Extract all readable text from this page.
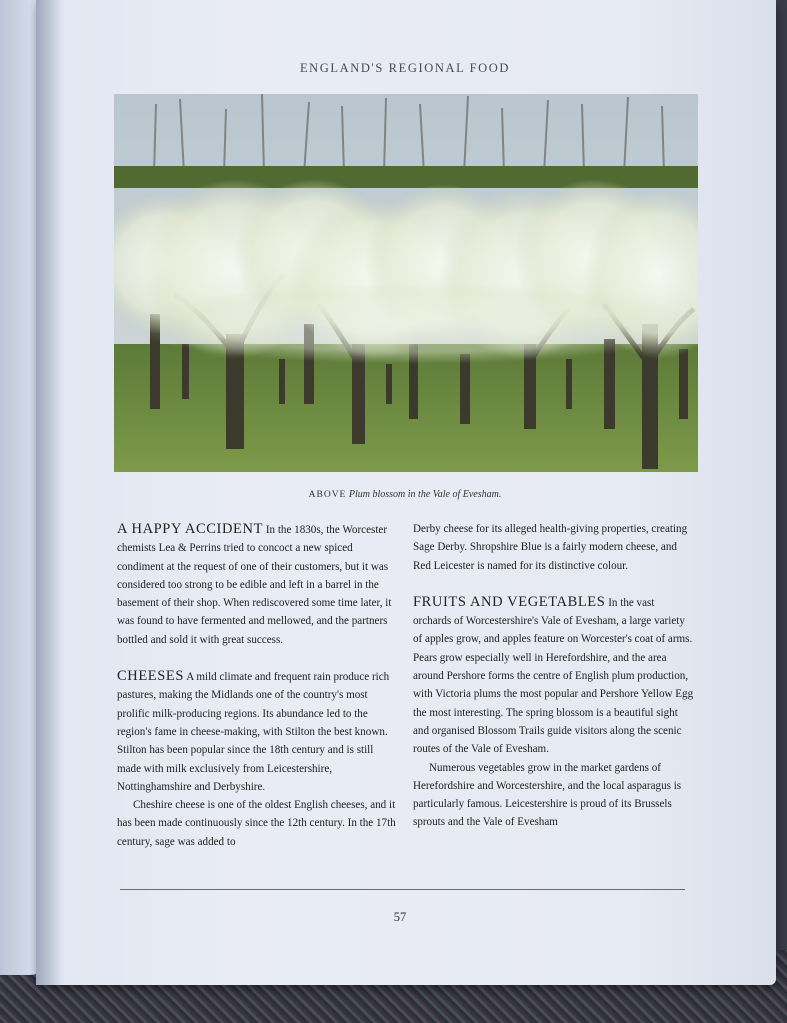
ENGLAND'S REGIONAL FOOD
ABOVE Plum blossom in the Vale of Evesham.

A HAPPY ACCIDENT In the 1830s, the Worcester chemists Lea & Perrins tried to concoct a new spiced condiment at the request of one of their customers, but it was considered too strong to be edible and left in a barrel in the basement of their shop. When rediscovered some time later, it was found to have fermented and mellowed, and the partners bottled and sold it with great success.

CHEESES A mild climate and frequent rain produce rich pastures, making the Midlands one of the country's most prolific milk-producing regions. Its abundance led to the region's fame in cheese-making, with Stilton the best known. Stilton has been popular since the 18th century and is still made with milk exclusively from Leicestershire, Nottinghamshire and Derbyshire.

Cheshire cheese is one of the oldest English cheeses, and it has been made continuously since the 12th century. In the 17th century, sage was added to

Derby cheese for its alleged health-giving properties, creating Sage Derby. Shropshire Blue is a fairly modern cheese, and Red Leicester is named for its distinctive colour.

FRUITS AND VEGETABLES In the vast orchards of Worcestershire's Vale of Evesham, a large variety of apples grow, and apples feature on Worcester's coat of arms. Pears grow especially well in Herefordshire, and the area around Pershore forms the centre of English plum production, with Victoria plums the most popular and Pershore Yellow Egg the most interesting. The spring blossom is a beautiful sight and organised Blossom Trails guide visitors along the scenic routes of the Vale of Evesham.

Numerous vegetables grow in the market gardens of Herefordshire and Worcestershire, and the local asparagus is particularly famous. Leicestershire is proud of its Brussels sprouts and the Vale of Evesham

57
